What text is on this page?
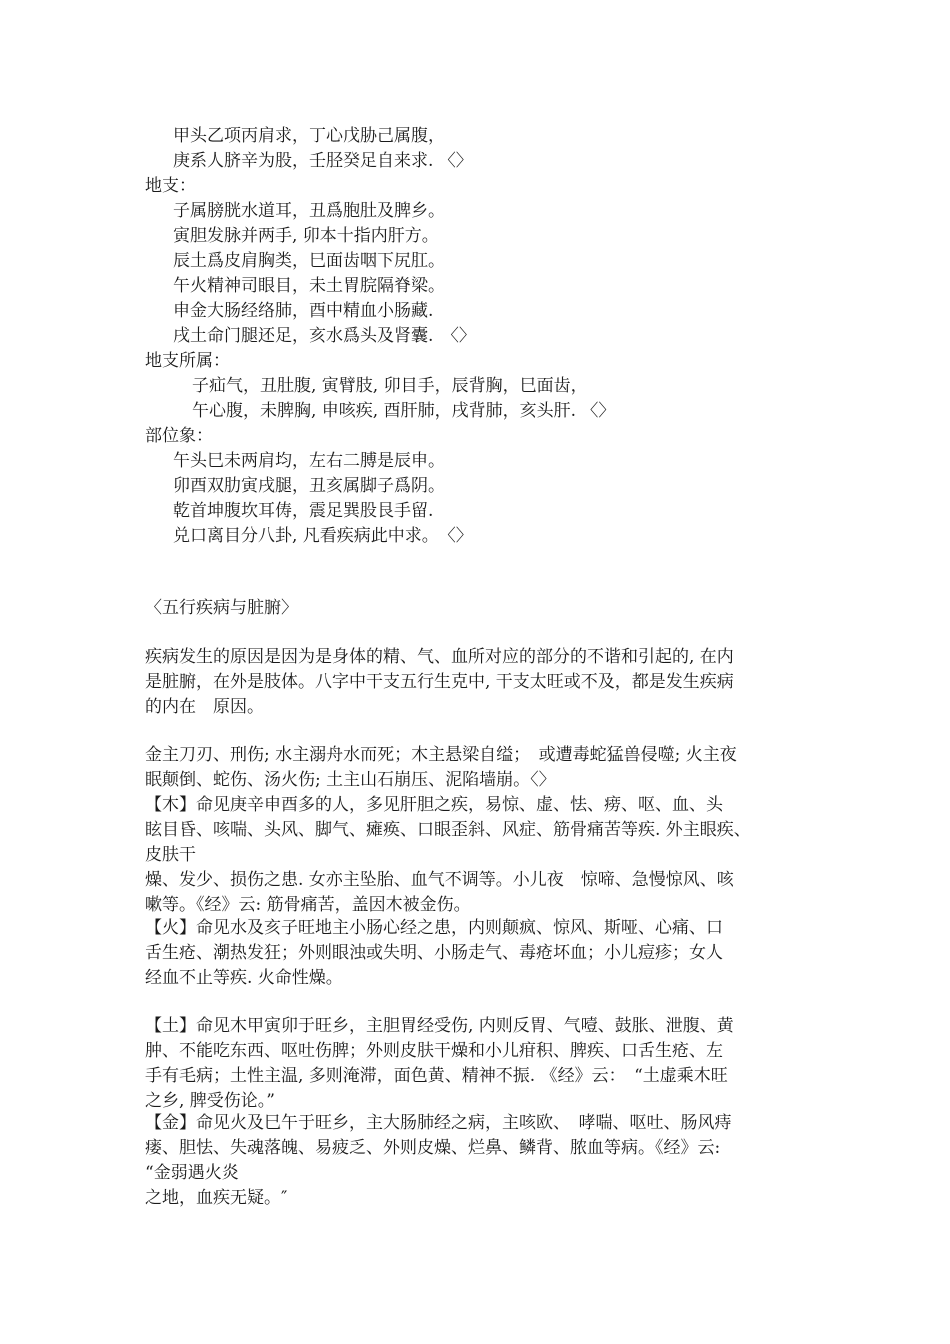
甲头乙项丙肩求，丁心戊胁己属腹，
庚系人脐辛为股，壬胫癸足自来求. 〈〉
地支：
子属膀胱水道耳，丑爲胞肚及脾乡。
寅胆发脉并两手, 卯本十指内肝方。
辰土爲皮肩胸类，巳面齿咽下尻肛。
午火精神司眼目，未土胃脘隔脊梁。
申金大肠经络肺，酉中精血小肠藏.
戌土命门腿还足，亥水爲头及肾囊.　〈〉
地支所属：
子疝气，丑肚腹, 寅臂肢, 卯目手，辰背胸，巳面齿，
午心腹，未脾胸, 申咳疾, 酉肝肺，戌背肺，亥头肝. 〈〉
部位象：
午头巳未两肩均，左右二膊是辰申。
卯酉双肋寅戌腿，丑亥属脚子爲阴。
乾首坤腹坎耳俦，震足巽股艮手留.
兑口离目分八卦, 凡看疾病此中求。　〈〉
〈五行疾病与脏腑〉
疾病发生的原因是因为是身体的精、气、血所对应的部分的不谐和引起的, 在内
是脏腑，在外是肢体。八字中干支五行生克中, 干支太旺或不及，都是发生疾病
的内在　原因。
金主刀刃、刑伤; 水主溺舟水而死；木主悬梁自缢；　或遭毒蛇猛兽侵噬; 火主夜
眠颠倒、蛇伤、汤火伤; 土主山石崩压、泥陷墙崩。〈〉
【木】命见庚辛申酉多的人，多见肝胆之疾，易惊、虚、怯、痨、呕、血、头
眩目昏、咳喘、头风、脚气、瘫痪、口眼歪斜、风症、筋骨痛苦等疾. 外主眼疾、
皮肤干
燥、发少、损伤之患. 女亦主坠胎、血气不调等。小儿夜　惊啼、急慢惊风、咳
嗽等。《经》云: 筋骨痛苦，盖因木被金伤。
【火】命见水及亥子旺地主小肠心经之患，内则颠疯、惊风、斯哑、心痛、口
舌生疮、潮热发狂；外则眼浊或失明、小肠走气、毒疮坏血；小儿痘疹；女人
经血不止等疾. 火命性燥。
【土】命见木甲寅卯于旺乡，主胆胃经受伤, 内则反胃、气噎、鼓胀、泄腹、黄
肿、不能吃东西、呕吐伤脾；外则皮肤干燥和小儿疳积、脾疾、口舌生疮、左
手有毛病；土性主温, 多则淹滞，面色黄、精神不振. 《经》云：　“土虚乘木旺
之乡, 脾受伤论。”
【金】命见火及巳午于旺乡，主大肠肺经之病，主咳欧、　哮喘、呕吐、肠风痔
瘘、胆怯、失魂落魄、易疲乏、外则皮燥、烂鼻、鳞背、脓血等病。《经》云:
“金弱遇火炎
之地，血疾无疑。″
